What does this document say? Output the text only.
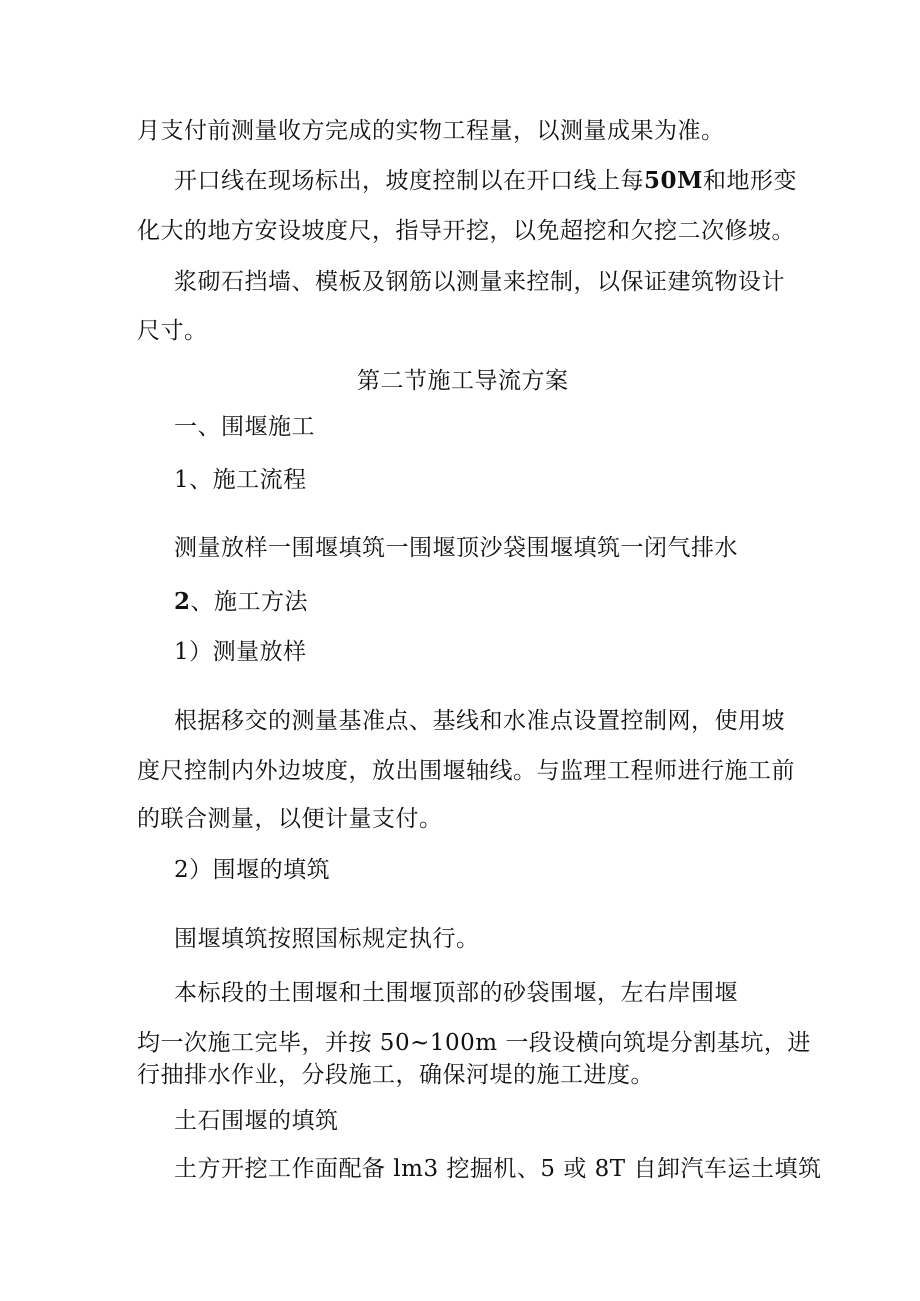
月支付前测量收方完成的实物工程量，以测量成果为准。

开口线在现场标出，坡度控制以在开口线上每50M和地形变

化大的地方安设坡度尺，指导开挖，以免超挖和欠挖二次修坡。

浆砌石挡墙、模板及钢筋以测量来控制，以保证建筑物设计

尺寸。

第二节施工导流方案

一、围堰施工

1、施工流程

测量放样一围堰填筑一围堰顶沙袋围堰填筑一闭气排水

2、施工方法

1）测量放样

根据移交的测量基准点、基线和水准点设置控制网，使用坡

度尺控制内外边坡度，放出围堰轴线。与监理工程师进行施工前

的联合测量，以便计量支付。

2）围堰的填筑

围堰填筑按照国标规定执行。

本标段的土围堰和土围堰顶部的砂袋围堰，左右岸围堰

均一次施工完毕，并按 50~100m 一段设横向筑堤分割基坑，进

行抽排水作业，分段施工，确保河堤的施工进度。

土石围堰的填筑

土方开挖工作面配备 lm3 挖掘机、5 或 8T 自卸汽车运土填筑
